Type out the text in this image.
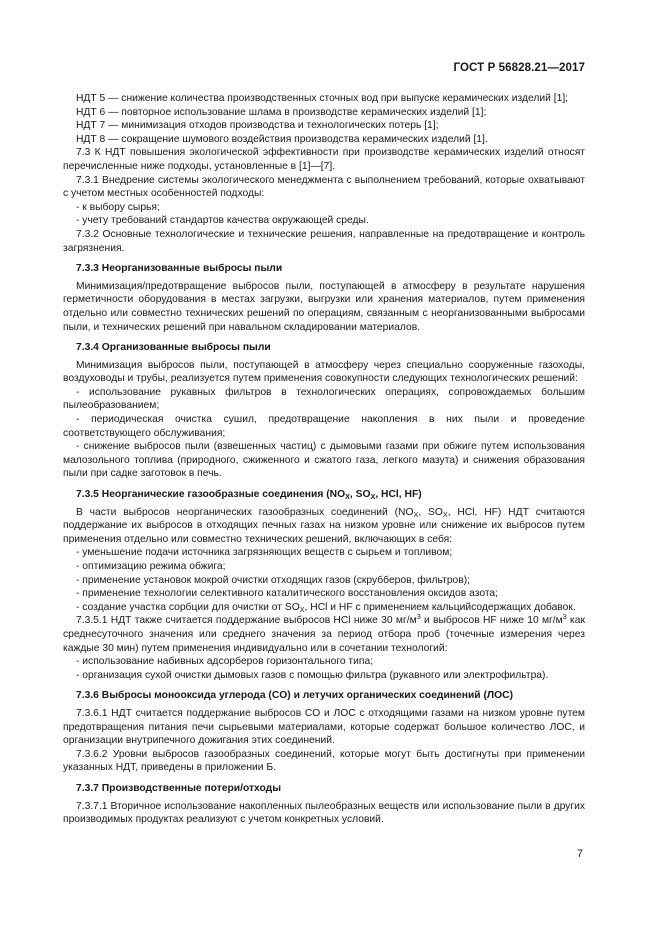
ГОСТ Р 56828.21—2017

НДТ 5 — снижение количества производственных сточных вод при выпуске керамических изделий [1];

НДТ 6 — повторное использование шлама в производстве керамических изделий [1];

НДТ 7 — минимизация отходов производства и технологических потерь [1];

НДТ 8 — сокращение шумового воздействия производства керамических изделий [1].

7.3 К НДТ повышения экологической эффективности при производстве керамических изделий относят перечисленные ниже подходы, установленные в [1]—[7].

7.3.1 Внедрение системы экологического менеджмента с выполнением требований, которые охватывают с учетом местных особенностей подходы:

- к выбору сырья;

- учету требований стандартов качества окружающей среды.

7.3.2 Основные технологические и технические решения, направленные на предотвращение и контроль загрязнения.

7.3.3 Неорганизованные выбросы пыли

Минимизация/предотвращение выбросов пыли, поступающей в атмосферу в результате нарушения герметичности оборудования в местах загрузки, выгрузки или хранения материалов, путем применения отдельно или совместно технических решений по операциям, связанным с неорганизованными выбросами пыли, и технических решений при навальном складировании материалов.

7.3.4 Организованные выбросы пыли

Минимизация выбросов пыли, поступающей в атмосферу через специально сооруженные газоходы, воздуховоды и трубы, реализуется путем применения совокупности следующих технологических решений:

- использование рукавных фильтров в технологических операциях, сопровождаемых большим пылеобразованием;

- периодическая очистка сушил, предотвращение накопления в них пыли и проведение соответствующего обслуживания;

- снижение выбросов пыли (взвешенных частиц) с дымовыми газами при обжиге путем использования малозольного топлива (природного, сжиженного и сжатого газа, легкого мазута) и снижения образования пыли при садке заготовок в печь.

7.3.5 Неорганические газообразные соединения ($NO_X$, $SO_X$, HCl, HF)

В части выбросов неорганических газообразных соединений ($NO_X$, $SO_X$, HCl, HF) НДТ считаются поддержание их выбросов в отходящих печных газах на низком уровне или снижение их выбросов путем применения отдельно или совместно технических решений, включающих в себя:

- уменьшение подачи источника загрязняющих веществ с сырьем и топливом;

- оптимизацию режима обжига;

- применение установок мокрой очистки отходящих газов (скрубберов, фильтров);

- применение технологии селективного каталитического восстановления оксидов азота;

- создание участка сорбции для очистки от $SO_X$, HCl и HF с применением кальцийсодержащих добавок.

7.3.5.1 НДТ также считается поддержание выбросов HCl ниже 30 $мг/м^3$ и выбросов HF ниже 10 $мг/м^3$ как среднесуточного значения или среднего значения за период отбора проб (точечные измерения через каждые 30 мин) путем применения индивидуально или в сочетании технологий:

- использование набивных адсорберов горизонтального типа;

- организация сухой очистки дымовых газов с помощью фильтра (рукавного или электрофильтра).

7.3.6 Выбросы монооксида углерода (CO) и летучих органических соединений (ЛОС)

7.3.6.1 НДТ считается поддержание выбросов CO и ЛОС с отходящими газами на низком уровне путем предотвращения питания печи сырьевыми материалами, которые содержат большое количество ЛОС, и организации внутрипечного дожигания этих соединений.

7.3.6.2 Уровни выбросов газообразных соединений, которые могут быть достигнуты при применении указанных НДТ, приведены в приложении Б.

7.3.7 Производственные потери/отходы

7.3.7.1 Вторичное использование накопленных пылеобразных веществ или использование пыли в других производимых продуктах реализуют с учетом конкретных условий.

7
